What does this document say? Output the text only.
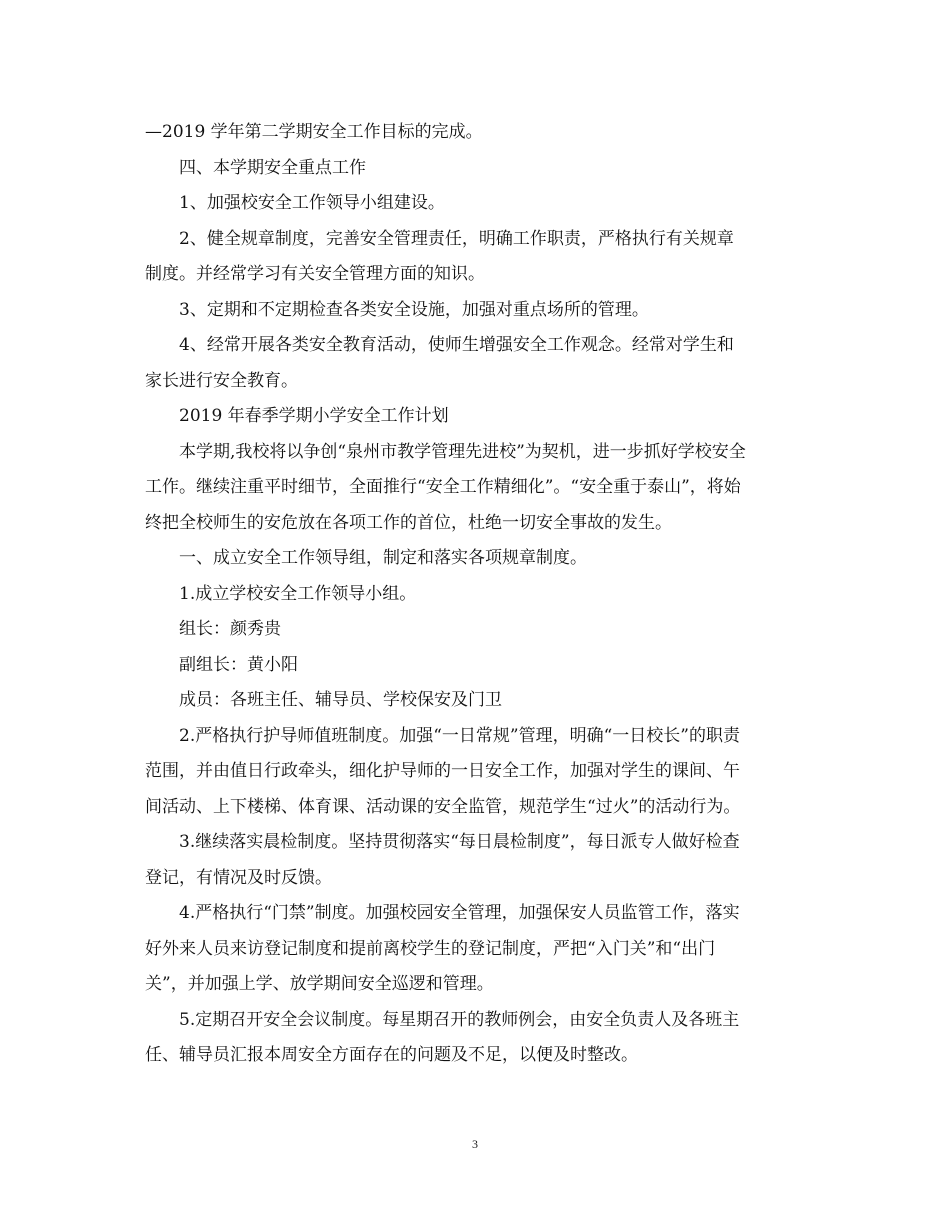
—2019 学年第二学期安全工作目标的完成。
四、本学期安全重点工作
1、加强校安全工作领导小组建设。
2、健全规章制度，完善安全管理责任，明确工作职责，严格执行有关规章
制度。并经常学习有关安全管理方面的知识。
3、定期和不定期检查各类安全设施，加强对重点场所的管理。
4、经常开展各类安全教育活动，使师生增强安全工作观念。经常对学生和
家长进行安全教育。
2019 年春季学期小学安全工作计划
本学期,我校将以争创“泉州市教学管理先进校”为契机，进一步抓好学校安全
工作。继续注重平时细节，全面推行“安全工作精细化”。“安全重于泰山”，将始
终把全校师生的安危放在各项工作的首位，杜绝一切安全事故的发生。
一、成立安全工作领导组，制定和落实各项规章制度。
1.成立学校安全工作领导小组。
组长：颜秀贵
副组长：黄小阳
成员：各班主任、辅导员、学校保安及门卫
2.严格执行护导师值班制度。加强“一日常规”管理，明确“一日校长”的职责
范围，并由值日行政牵头，细化护导师的一日安全工作，加强对学生的课间、午
间活动、上下楼梯、体育课、活动课的安全监管，规范学生“过火”的活动行为。
3.继续落实晨检制度。坚持贯彻落实“每日晨检制度”，每日派专人做好检查
登记，有情况及时反馈。
4.严格执行“门禁”制度。加强校园安全管理，加强保安人员监管工作，落实
好外来人员来访登记制度和提前离校学生的登记制度，严把“入门关”和“出门
关”，并加强上学、放学期间安全巡逻和管理。
5.定期召开安全会议制度。每星期召开的教师例会，由安全负责人及各班主
任、辅导员汇报本周安全方面存在的问题及不足，以便及时整改。
3
